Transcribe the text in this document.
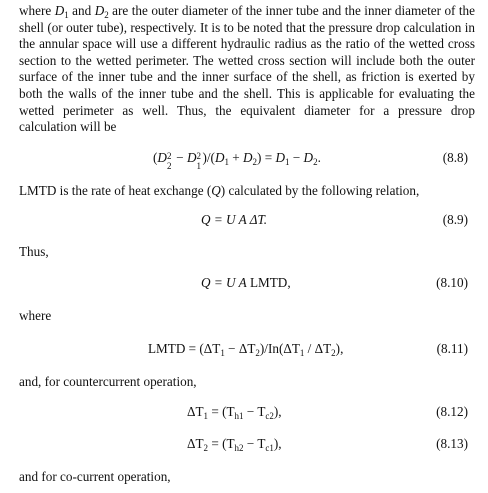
where $D_1$ and $D_2$ are the outer diameter of the inner tube and the inner diameter of the shell (or outer tube), respectively. It is to be noted that the pressure drop calculation in the annular space will use a different hydraulic radius as the ratio of the wetted cross section to the wetted perimeter. The wetted cross section will include both the outer surface of the inner tube and the inner surface of the shell, as friction is exerted by both the walls of the inner tube and the shell. This is applicable for evaluating the wetted perimeter as well. Thus, the equivalent diameter for a pressure drop calculation will be

(D 2
2
− D 2
1
)$/(D_1 + D_2) = D_1 - D_2$.	(8.8)
LMTD is the rate of heat exchange (Q) calculated by the following relation,
Q = U A ΔT.	(8.9)
Thus,
Q = U A LMTD,	(8.10)
where
LMTD = $(\Delta T_1 - \Delta T_2)/In(\Delta T_1 / \Delta T_2)$,	(8.11)
and, for countercurrent operation,
$\Delta T_1 = (T_{h1} - T_{c2})$,	(8.12)
$\Delta T_2 = (T_{h2} - T_{c1})$,	(8.13)
and for co-current operation,
